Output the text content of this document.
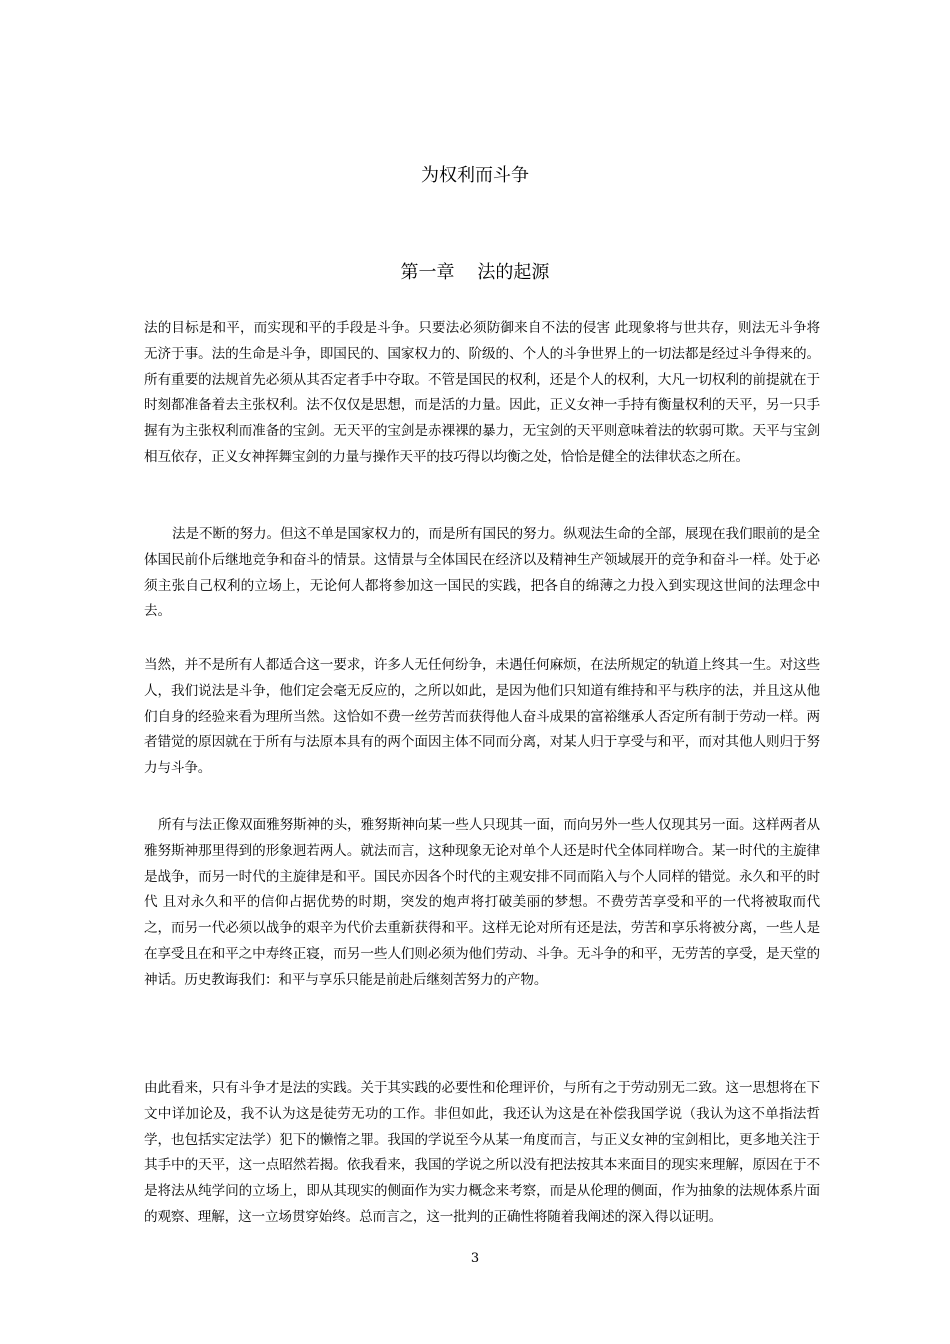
为权利而斗争
第一章    法的起源
法的目标是和平，而实现和平的手段是斗争。只要法必须防御来自不法的侵害 此现象将与世共存，则法无斗争将无济于事。法的生命是斗争，即国民的、国家权力的、阶级的、个人的斗争世界上的一切法都是经过斗争得来的。所有重要的法规首先必须从其否定者手中夺取。不管是国民的权利，还是个人的权利，大凡一切权利的前提就在于时刻都准备着去主张权利。法不仅仅是思想，而是活的力量。因此，正义女神一手持有衡量权利的天平，另一只手握有为主张权利而准备的宝剑。无天平的宝剑是赤裸裸的暴力，无宝剑的天平则意味着法的软弱可欺。天平与宝剑相互依存，正义女神挥舞宝剑的力量与操作天平的技巧得以均衡之处，恰恰是健全的法律状态之所在。
法是不断的努力。但这不单是国家权力的，而是所有国民的努力。纵观法生命的全部，展现在我们眼前的是全体国民前仆后继地竞争和奋斗的情景。这情景与全体国民在经济以及精神生产领域展开的竞争和奋斗一样。处于必须主张自己权利的立场上，无论何人都将参加这一国民的实践，把各自的绵薄之力投入到实现这世间的法理念中去。
当然，并不是所有人都适合这一要求，许多人无任何纷争，未遇任何麻烦，在法所规定的轨道上终其一生。对这些人，我们说法是斗争，他们定会毫无反应的，之所以如此，是因为他们只知道有维持和平与秩序的法，并且这从他们自身的经验来看为理所当然。这恰如不费一丝劳苦而获得他人奋斗成果的富裕继承人否定所有制于劳动一样。两者错觉的原因就在于所有与法原本具有的两个面因主体不同而分离，对某人归于享受与和平，而对其他人则归于努力与斗争。
所有与法正像双面雅努斯神的头，雅努斯神向某一些人只现其一面，而向另外一些人仅现其另一面。这样两者从雅努斯神那里得到的形象迥若两人。就法而言，这种现象无论对单个人还是时代全体同样吻合。某一时代的主旋律是战争，而另一时代的主旋律是和平。国民亦因各个时代的主观安排不同而陷入与个人同样的错觉。永久和平的时代 且对永久和平的信仰占据优势的时期，突发的炮声将打破美丽的梦想。不费劳苦享受和平的一代将被取而代之，而另一代必须以战争的艰辛为代价去重新获得和平。这样无论对所有还是法，劳苦和享乐将被分离，一些人是在享受且在和平之中寿终正寝，而另一些人们则必须为他们劳动、斗争。无斗争的和平，无劳苦的享受，是天堂的神话。历史教诲我们：和平与享乐只能是前赴后继刻苦努力的产物。
由此看来，只有斗争才是法的实践。关于其实践的必要性和伦理评价，与所有之于劳动别无二致。这一思想将在下文中详加论及，我不认为这是徒劳无功的工作。非但如此，我还认为这是在补偿我国学说（我认为这不单指法哲学，也包括实定法学）犯下的懒惰之罪。我国的学说至今从某一角度而言，与正义女神的宝剑相比，更多地关注于其手中的天平，这一点昭然若揭。依我看来，我国的学说之所以没有把法按其本来面目的现实来理解，原因在于不是将法从纯学问的立场上，即从其现实的侧面作为实力概念来考察，而是从伦理的侧面，作为抽象的法规体系片面的观察、理解，这一立场贯穿始终。总而言之，这一批判的正确性将随着我阐述的深入得以证明。
3
